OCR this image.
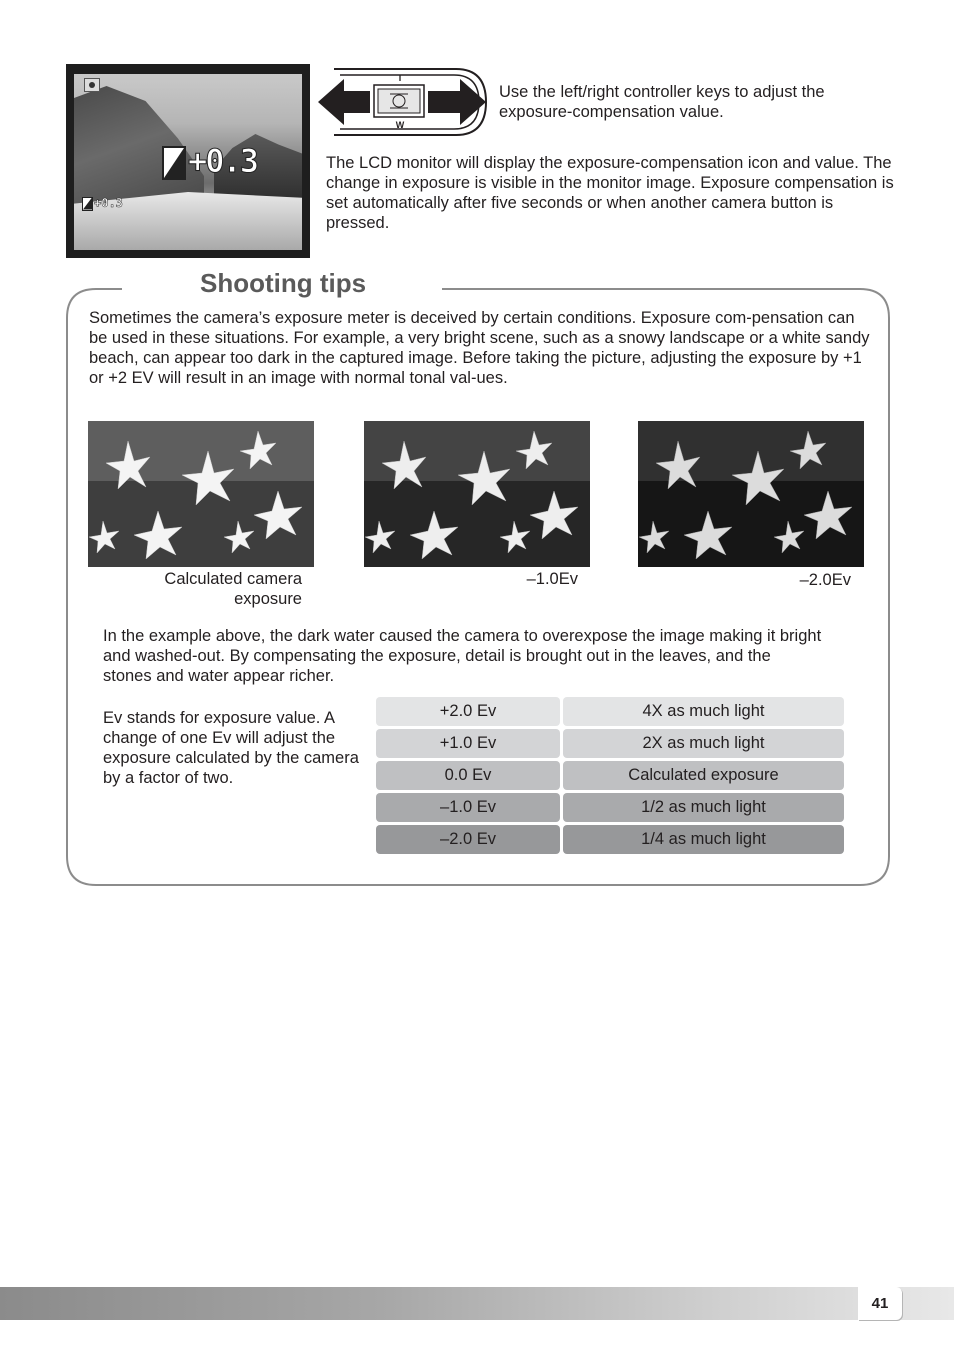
+0.3
+0.3
T
W
Use the left/right controller keys to adjust the exposure-compensation value.
The LCD monitor will display the exposure-compensation icon and value. The change in exposure is visible in the monitor image. Exposure compensation is set automatically after five seconds or when another camera button is pressed.
Shooting tips
Sometimes the camera’s exposure meter is deceived by certain conditions. Exposure com-pensation can be used in these situations. For example, a very bright scene, such as a snowy landscape or a white sandy beach, can appear too dark in the captured image. Before taking the picture, adjusting the exposure by +1 or +2 EV will result in an image with normal tonal val-ues.
Calculated camera
exposure
–1.0Ev	–2.0Ev
In the example above, the dark water caused the camera to overexpose the image making it bright and washed-out. By compensating the exposure, detail is brought out in the leaves, and the stones and water appear richer.
Ev stands for exposure value. A change of one Ev will adjust the exposure calculated by the camera by a factor of two.
+2.0 Ev	4X as much light
+1.0 Ev	2X as much light
0.0 Ev	Calculated exposure
–1.0 Ev	1/2 as much light
–2.0 Ev	1/4 as much light
41
